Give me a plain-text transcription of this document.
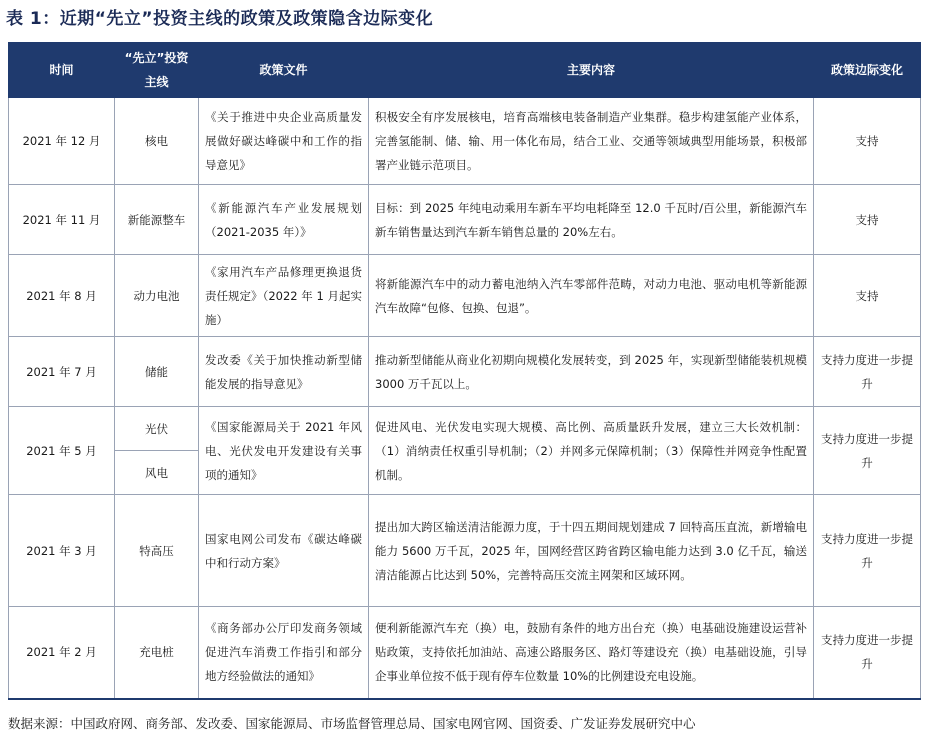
表 1：近期“先立”投资主线的政策及政策隐含边际变化
时间	“先立”投资主线	政策文件	主要内容	政策边际变化
2021 年 12 月	核电	《关于推进中央企业高质量发展做好碳达峰碳中和工作的指导意见》	积极安全有序发展核电，培育高端核电装备制造产业集群。稳步构建氢能产业体系，完善氢能制、储、输、用一体化布局，结合工业、交通等领域典型用能场景，积极部署产业链示范项目。	支持
2021 年 11 月	新能源整车	《新能源汽车产业发展规划（2021-2035 年）》	目标：到 2025 年纯电动乘用车新车平均电耗降至 12.0 千瓦时/百公里，新能源汽车新车销售量达到汽车新车销售总量的 20%左右。	支持
2021 年 8 月	动力电池	《家用汽车产品修理更换退货责任规定》（2022 年 1 月起实施）	将新能源汽车中的动力蓄电池纳入汽车零部件范畴，对动力电池、驱动电机等新能源汽车故障“包修、包换、包退”。	支持
2021 年 7 月	储能	发改委《关于加快推动新型储能发展的指导意见》	推动新型储能从商业化初期向规模化发展转变，到 2025 年，实现新型储能装机规模 3000 万千瓦以上。	支持力度进一步提升
2021 年 5 月	光伏	《国家能源局关于 2021 年风电、光伏发电开发建设有关事项的通知》	促进风电、光伏发电实现大规模、高比例、高质量跃升发展，建立三大长效机制：（1）消纳责任权重引导机制；（2）并网多元保障机制；（3）保障性并网竞争性配置机制。	支持力度进一步提升
	风电			
2021 年 3 月	特高压	国家电网公司发布《碳达峰碳中和行动方案》	提出加大跨区输送清洁能源力度，于十四五期间规划建成 7 回特高压直流，新增输电能力 5600 万千瓦，2025 年，国网经营区跨省跨区输电能力达到 3.0 亿千瓦，输送清洁能源占比达到 50%，完善特高压交流主网架和区域环网。	支持力度进一步提升
2021 年 2 月	充电桩	《商务部办公厅印发商务领域促进汽车消费工作指引和部分地方经验做法的通知》	便利新能源汽车充（换）电，鼓励有条件的地方出台充（换）电基础设施建设运营补贴政策，支持依托加油站、高速公路服务区、路灯等建设充（换）电基础设施，引导企事业单位按不低于现有停车位数量 10%的比例建设充电设施。	支持力度进一步提升
数据来源：中国政府网、商务部、发改委、国家能源局、市场监督管理总局、国家电网官网、国资委、广发证券发展研究中心
